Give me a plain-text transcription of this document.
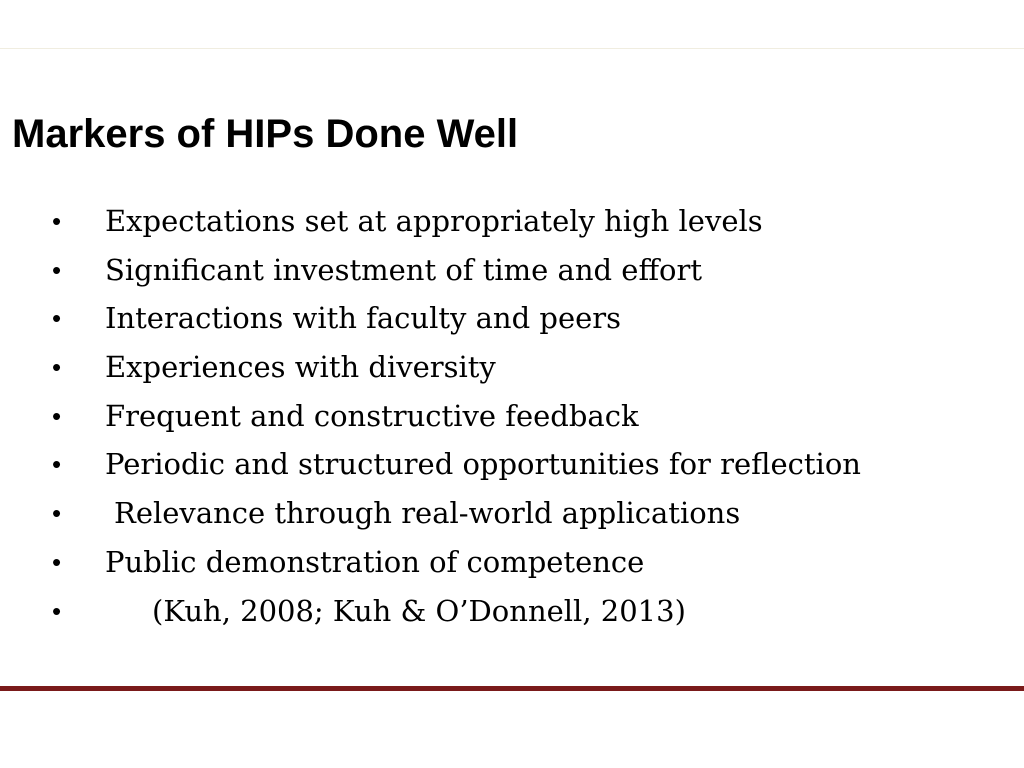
Markers of HIPs Done Well
• Expectations set at appropriately high levels
• Significant investment of time and effort
• Interactions with faculty and peers
• Experiences with diversity
• Frequent and constructive feedback
• Periodic and structured opportunities for reflection
• Relevance through real-world applications
• Public demonstration of competence
•	(Kuh, 2008; Kuh & O’Donnell, 2013)
